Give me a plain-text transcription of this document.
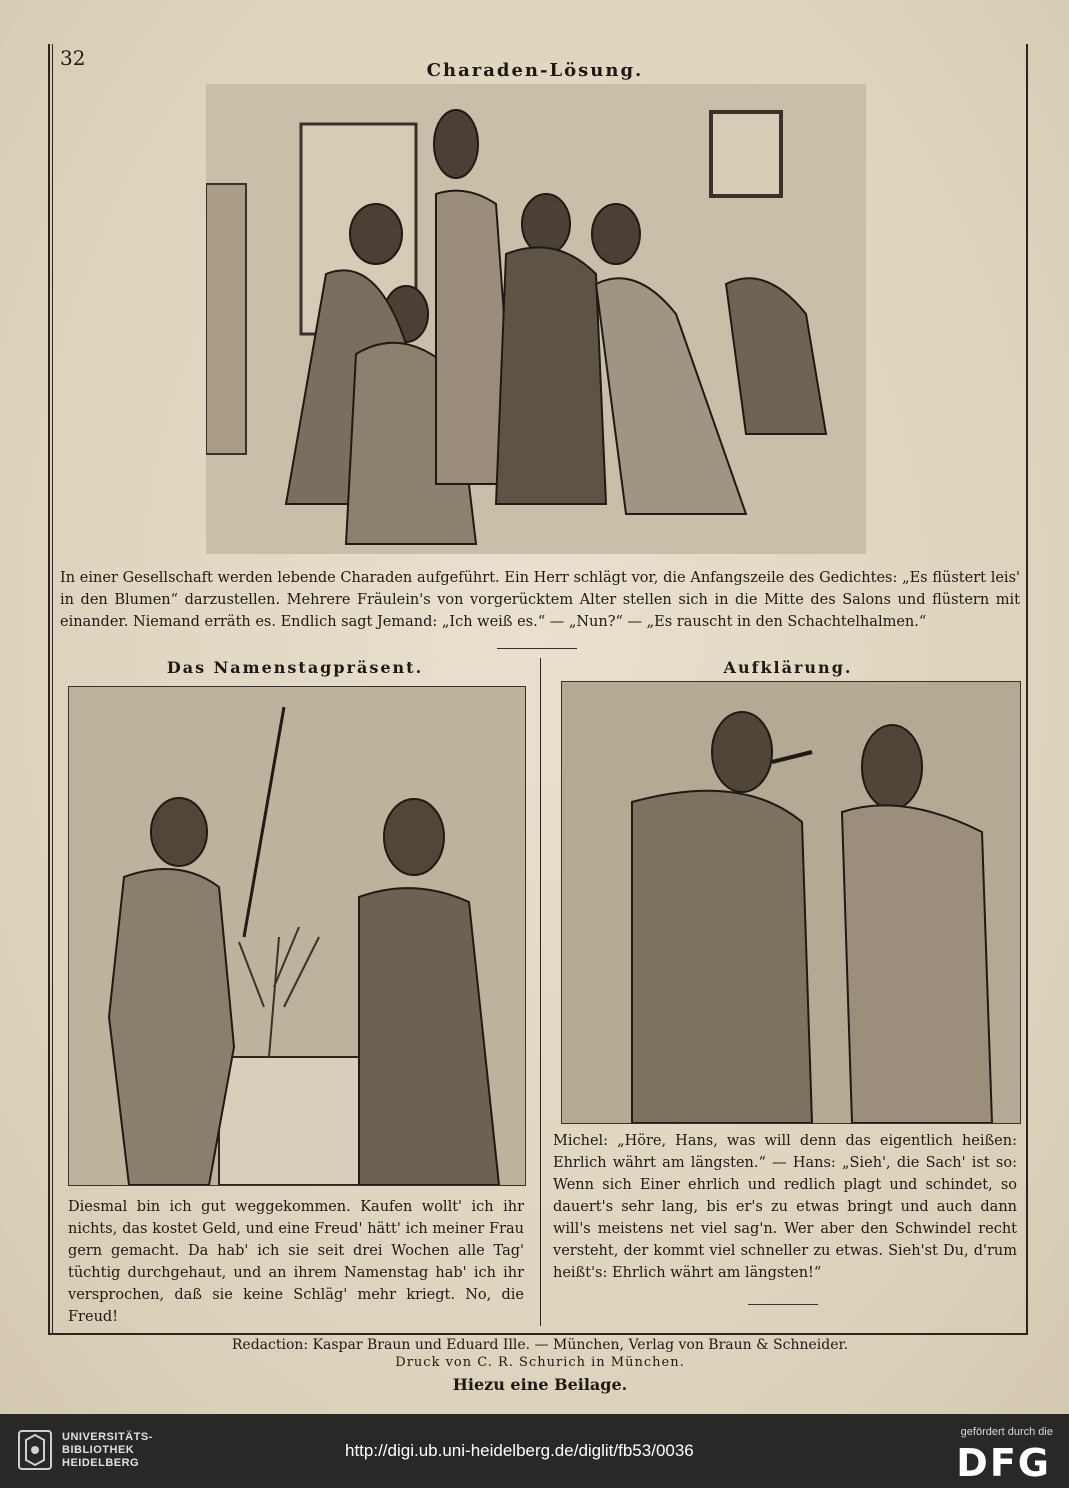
32
Charaden-Lösung.
In einer Gesellschaft werden lebende Charaden aufgeführt. Ein Herr schlägt vor, die Anfangszeile des Gedichtes: „Es flüstert leis' in den Blumen“ darzustellen. Mehrere Fräulein's von vorgerücktem Alter stellen sich in die Mitte des Salons und flüstern mit einander. Niemand erräth es. Endlich sagt Jemand: „Ich weiß es.“ — „Nun?“ — „Es rauscht in den Schachtelhalmen.“
Das Namenstagpräsent.	Aufklärung.
Diesmal bin ich gut weggekommen. Kaufen wollt' ich ihr nichts, das kostet Geld, und eine Freud' hätt' ich meiner Frau gern gemacht. Da hab' ich sie seit drei Wochen alle Tag' tüchtig durchgehaut, und an ihrem Namenstag hab' ich ihr versprochen, daß sie keine Schläg' mehr kriegt. No, die Freud!
Michel: „Höre, Hans, was will denn das eigentlich heißen: Ehrlich währt am längsten.“ — Hans: „Sieh', die Sach' ist so: Wenn sich Einer ehrlich und redlich plagt und schindet, so dauert's sehr lang, bis er's zu etwas bringt und auch dann will's meistens net viel sag'n. Wer aber den Schwindel recht versteht, der kommt viel schneller zu etwas. Sieh'st Du, d'rum heißt's: Ehrlich währt am längsten!“
Redaction: Kaspar Braun und Eduard Ille. — München, Verlag von Braun & Schneider.
Druck von C. R. Schurich in München.
Hiezu eine Beilage.
UNIVERSITÄTS-
BIBLIOTHEK
HEIDELBERG
http://digi.ub.uni-heidelberg.de/diglit/fb53/0036
gefördert durch die
DFG
